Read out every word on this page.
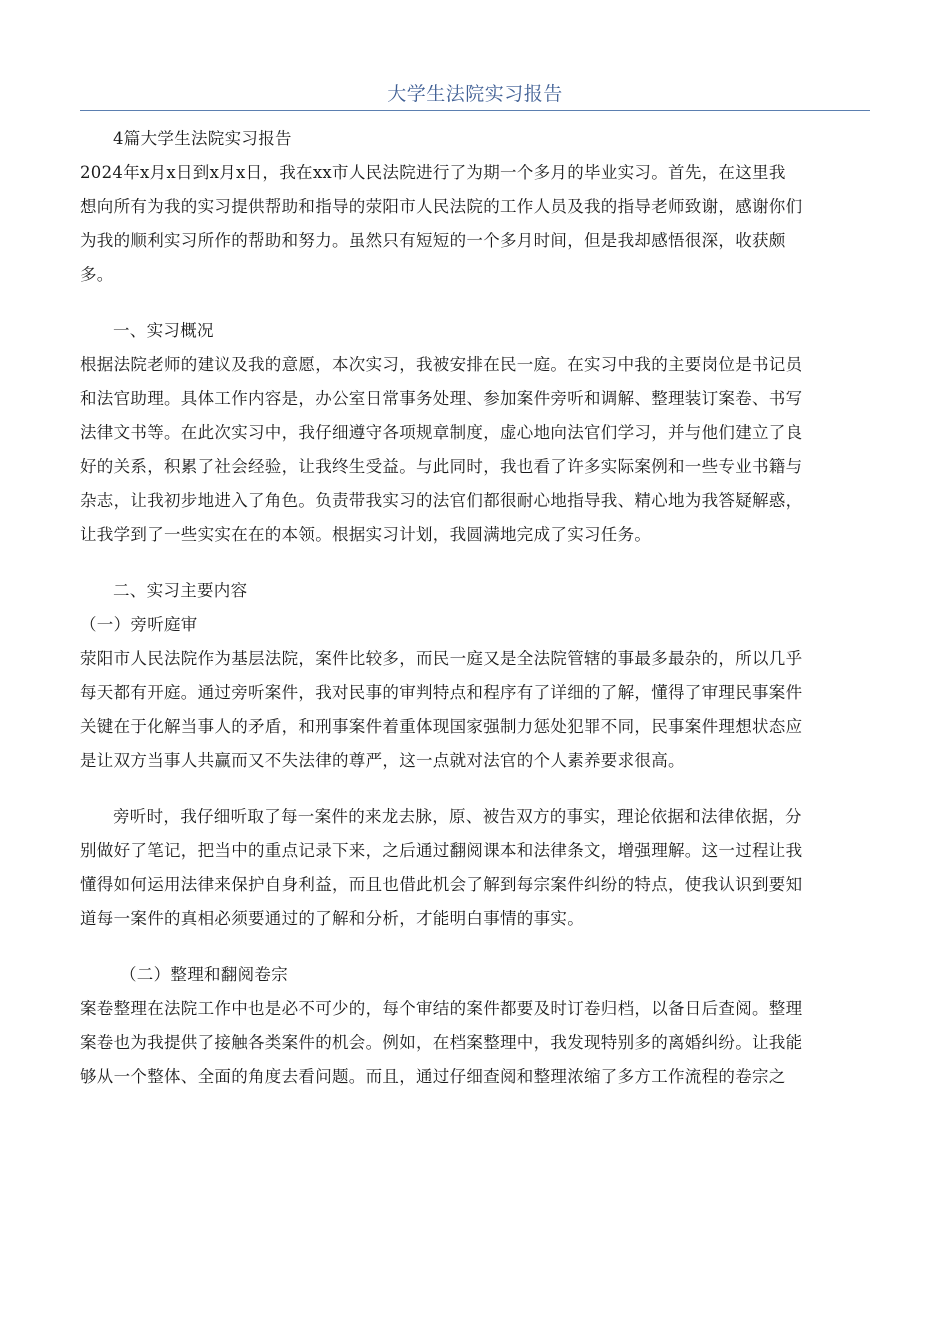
大学生法院实习报告
4篇大学生法院实习报告
2024年x月x日到x月x日，我在xx市人民法院进行了为期一个多月的毕业实习。首先，在这里我
想向所有为我的实习提供帮助和指导的荥阳市人民法院的工作人员及我的指导老师致谢，感谢你们
为我的顺利实习所作的帮助和努力。虽然只有短短的一个多月时间，但是我却感悟很深，收获颇
多。
一、实习概况
根据法院老师的建议及我的意愿，本次实习，我被安排在民一庭。在实习中我的主要岗位是书记员
和法官助理。具体工作内容是，办公室日常事务处理、参加案件旁听和调解、整理装订案卷、书写
法律文书等。在此次实习中，我仔细遵守各项规章制度，虚心地向法官们学习，并与他们建立了良
好的关系，积累了社会经验，让我终生受益。与此同时，我也看了许多实际案例和一些专业书籍与
杂志，让我初步地进入了角色。负责带我实习的法官们都很耐心地指导我、精心地为我答疑解惑，
让我学到了一些实实在在的本领。根据实习计划，我圆满地完成了实习任务。
二、实习主要内容
（一）旁听庭审
荥阳市人民法院作为基层法院，案件比较多，而民一庭又是全法院管辖的事最多最杂的，所以几乎
每天都有开庭。通过旁听案件，我对民事的审判特点和程序有了详细的了解，懂得了审理民事案件
关键在于化解当事人的矛盾，和刑事案件着重体现国家强制力惩处犯罪不同，民事案件理想状态应
是让双方当事人共赢而又不失法律的尊严，这一点就对法官的个人素养要求很高。
旁听时，我仔细听取了每一案件的来龙去脉，原、被告双方的事实，理论依据和法律依据，分
别做好了笔记，把当中的重点记录下来，之后通过翻阅课本和法律条文，增强理解。这一过程让我
懂得如何运用法律来保护自身利益，而且也借此机会了解到每宗案件纠纷的特点，使我认识到要知
道每一案件的真相必须要通过的了解和分析，才能明白事情的事实。
（二）整理和翻阅卷宗
案卷整理在法院工作中也是必不可少的，每个审结的案件都要及时订卷归档，以备日后查阅。整理
案卷也为我提供了接触各类案件的机会。例如，在档案整理中，我发现特别多的离婚纠纷。让我能
够从一个整体、全面的角度去看问题。而且，通过仔细查阅和整理浓缩了多方工作流程的卷宗之
